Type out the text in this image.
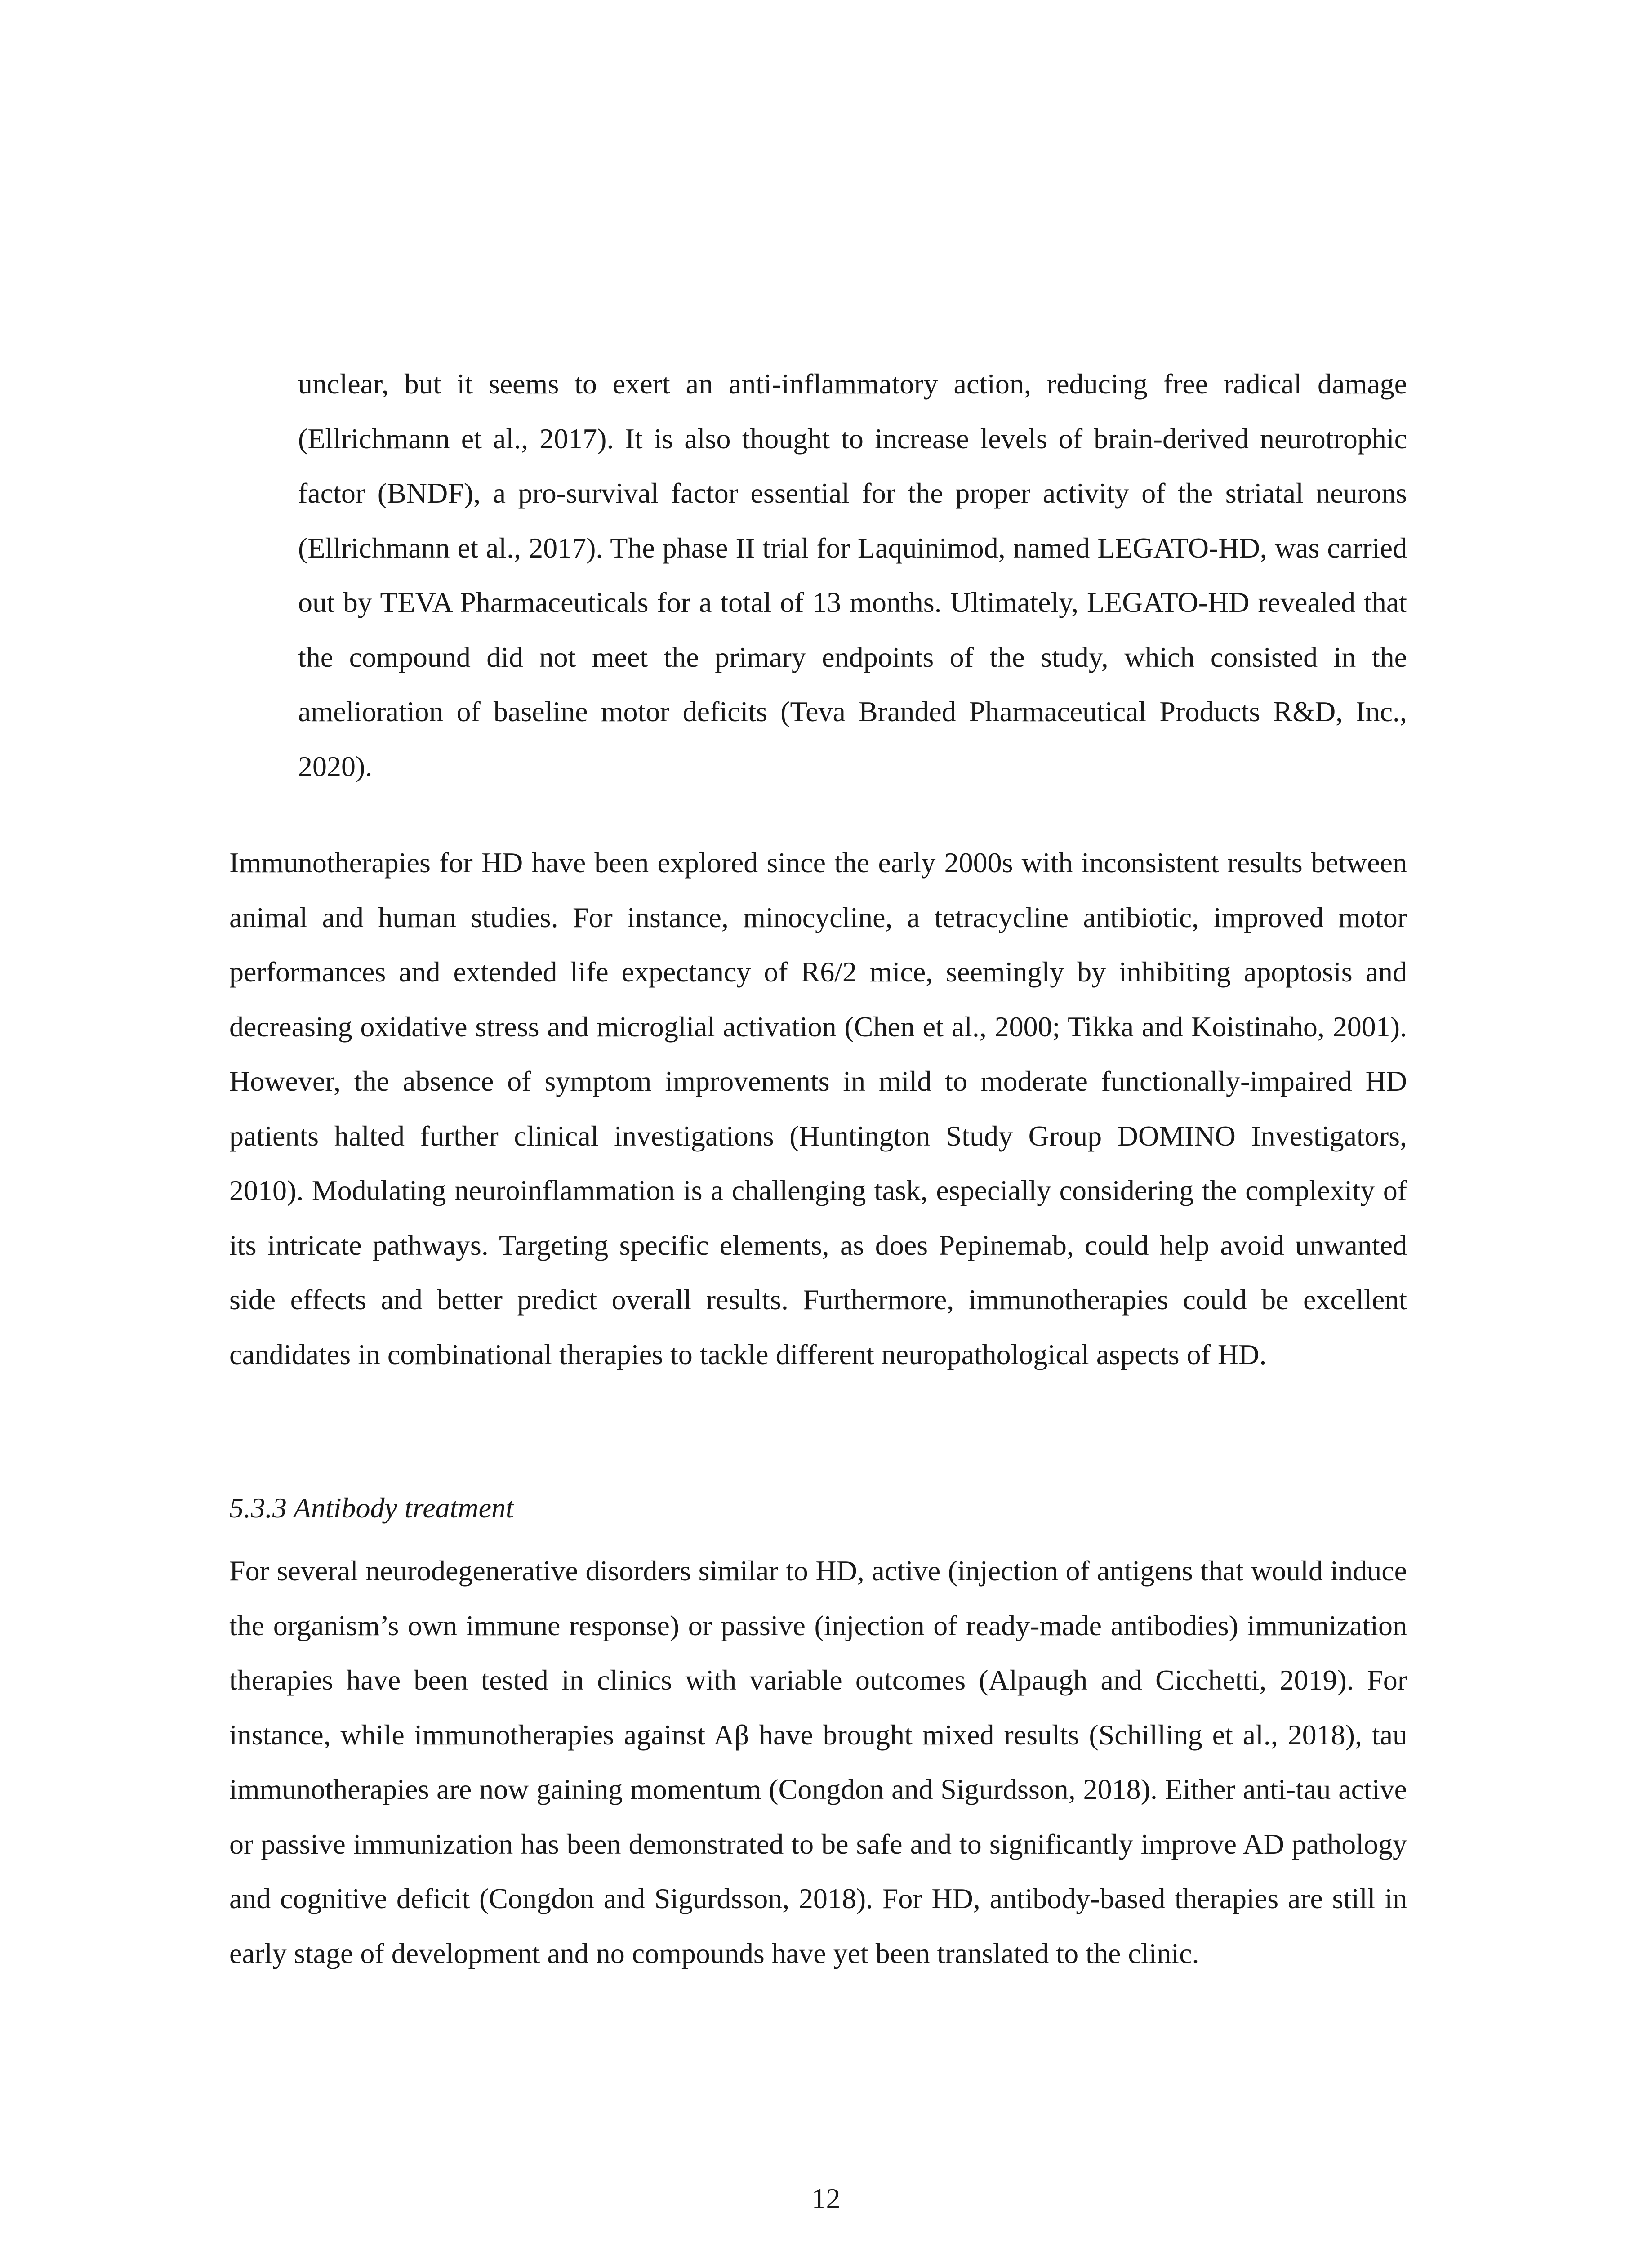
unclear, but it seems to exert an anti-inflammatory action, reducing free radical damage (Ellrichmann et al., 2017). It is also thought to increase levels of brain-derived neurotrophic factor (BNDF), a pro-survival factor essential for the proper activity of the striatal neurons (Ellrichmann et al., 2017). The phase II trial for Laquinimod, named LEGATO-HD, was carried out by TEVA Pharmaceuticals for a total of 13 months. Ultimately, LEGATO-HD revealed that the compound did not meet the primary endpoints of the study, which consisted in the amelioration of baseline motor deficits (Teva Branded Pharmaceutical Products R&D, Inc., 2020).

Immunotherapies for HD have been explored since the early 2000s with inconsistent results between animal and human studies. For instance, minocycline, a tetracycline antibiotic, improved motor performances and extended life expectancy of R6/2 mice, seemingly by inhibiting apoptosis and decreasing oxidative stress and microglial activation (Chen et al., 2000; Tikka and Koistinaho, 2001). However, the absence of symptom improvements in mild to moderate functionally-impaired HD patients halted further clinical investigations (Huntington Study Group DOMINO Investigators, 2010). Modulating neuroinflammation is a challenging task, especially considering the complexity of its intricate pathways. Targeting specific elements, as does Pepinemab, could help avoid unwanted side effects and better predict overall results. Furthermore, immunotherapies could be excellent candidates in combinational therapies to tackle different neuropathological aspects of HD.

5.3.3 Antibody treatment

For several neurodegenerative disorders similar to HD, active (injection of antigens that would induce the organism’s own immune response) or passive (injection of ready-made antibodies) immunization therapies have been tested in clinics with variable outcomes (Alpaugh and Cicchetti, 2019). For instance, while immunotherapies against Aβ have brought mixed results (Schilling et al., 2018), tau immunotherapies are now gaining momentum (Congdon and Sigurdsson, 2018). Either anti-tau active or passive immunization has been demonstrated to be safe and to significantly improve AD pathology and cognitive deficit (Congdon and Sigurdsson, 2018). For HD, antibody-based therapies are still in early stage of development and no compounds have yet been translated to the clinic.

12
